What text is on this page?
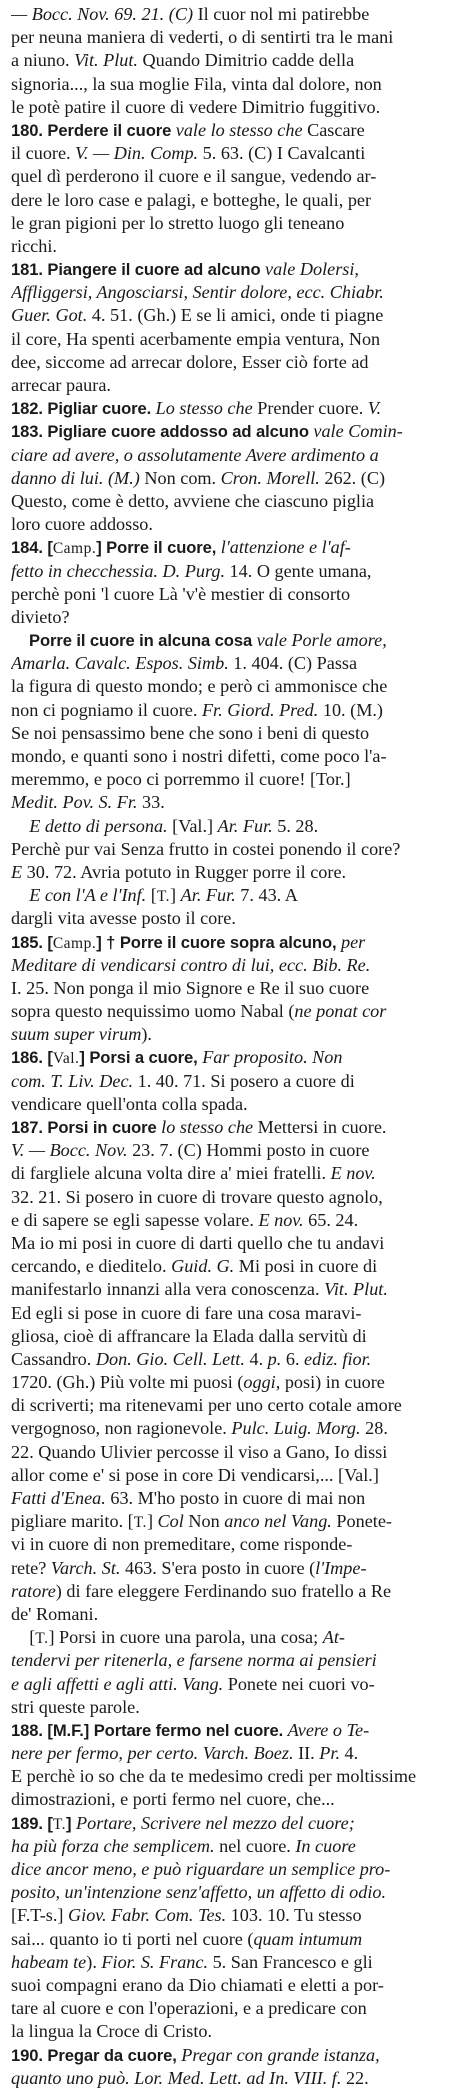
— Bocc. Nov. 69. 21. (C) Il cuor nol mi patirebbe
per neuna maniera di vederti, o di sentirti tra le mani
a niuno. Vit. Plut. Quando Dimitrio cadde della
signoria..., la sua moglie Fila, vinta dal dolore, non
le potè patire il cuore di vedere Dimitrio fuggitivo.
180. Perdere il cuore vale lo stesso che Cascare
il cuore. V. — Din. Comp. 5. 63. (C) I Cavalcanti
quel dì perderono il cuore e il sangue, vedendo ar-
dere le loro case e palagi, e botteghe, le quali, per
le gran pigioni per lo stretto luogo gli teneano
ricchi.
181. Piangere il cuore ad alcuno vale Dolersi,
Affliggersi, Angosciarsi, Sentir dolore, ecc. Chiabr.
Guer. Got. 4. 51. (Gh.) E se li amici, onde ti piagne
il core, Ha spenti acerbamente empia ventura, Non
dee, siccome ad arrecar dolore, Esser ciò forte ad
arrecar paura.
182. Pigliar cuore. Lo stesso che Prender cuore. V.
183. Pigliare cuore addosso ad alcuno vale Comin-
ciare ad avere, o assolutamente Avere ardimento a
danno di lui. (M.) Non com. Cron. Morell. 262. (C)
Questo, come è detto, avviene che ciascuno piglia
loro cuore addosso.
184. [Camp.] Porre il cuore, l'attenzione e l'af-
fetto in checchessia. D. Purg. 14. O gente umana,
perchè poni 'l cuore Là 'v'è mestier di consorto
divieto?
Porre il cuore in alcuna cosa vale Porle amore,
Amarla. Cavalc. Espos. Simb. 1. 404. (C) Passa
la figura di questo mondo; e però ci ammonisce che
non ci pogniamo il cuore. Fr. Giord. Pred. 10. (M.)
Se noi pensassimo bene che sono i beni di questo
mondo, e quanti sono i nostri difetti, come poco l'a-
meremmo, e poco ci porremmo il cuore! [Tor.]
Medit. Pov. S. Fr. 33.
E detto di persona. [Val.] Ar. Fur. 5. 28.
Perchè pur vai Senza frutto in costei ponendo il core?
E 30. 72. Avria potuto in Rugger porre il core.
E con l'A e l'Inf. [T.] Ar. Fur. 7. 43. A
dargli vita avesse posto il core.
185. [Camp.] † Porre il cuore sopra alcuno, per
Meditare di vendicarsi contro di lui, ecc. Bib. Re.
I. 25. Non ponga il mio Signore e Re il suo cuore
sopra questo nequissimo uomo Nabal (ne ponat cor
suum super virum).
186. [Val.] Porsi a cuore, Far proposito. Non
com. T. Liv. Dec. 1. 40. 71. Si posero a cuore di
vendicare quell'onta colla spada.
187. Porsi in cuore lo stesso che Mettersi in cuore.
V. — Bocc. Nov. 23. 7. (C) Hommi posto in cuore
di fargliele alcuna volta dire a' miei fratelli. E nov.
32. 21. Si posero in cuore di trovare questo agnolo,
e di sapere se egli sapesse volare. E nov. 65. 24.
Ma io mi posi in cuore di darti quello che tu andavi
cercando, e dieditelo. Guid. G. Mi posi in cuore di
manifestarlo innanzi alla vera conoscenza. Vit. Plut.
Ed egli si pose in cuore di fare una cosa maravi-
gliosa, cioè di affrancare la Elada dalla servitù di
Cassandro. Don. Gio. Cell. Lett. 4. p. 6. ediz. fior.
1720. (Gh.) Più volte mi puosi (oggi, posi) in cuore
di scriverti; ma ritenevami per uno certo cotale amore
vergognoso, non ragionevole. Pulc. Luig. Morg. 28.
22. Quando Ulivier percosse il viso a Gano, Io dissi
allor come e' si pose in core Di vendicarsi,... [Val.]
Fatti d'Enea. 63. M'ho posto in cuore di mai non
pigliare marito. [T.] Col Non anco nel Vang. Ponete-
vi in cuore di non premeditare, come risponde-
rete? Varch. St. 463. S'era posto in cuore (l'Impe-
ratore) di fare eleggere Ferdinando suo fratello a Re
de' Romani.
[T.] Porsi in cuore una parola, una cosa; At-
tendervi per ritenerla, e farsene norma ai pensieri
e agli affetti e agli atti. Vang. Ponete nei cuori vo-
stri queste parole.
188. [M.F.] Portare fermo nel cuore. Avere o Te-
nere per fermo, per certo. Varch. Boez. II. Pr. 4.
E perchè io so che da te medesimo credi per moltissime
dimostrazioni, e porti fermo nel cuore, che...
189. [T.] Portare, Scrivere nel mezzo del cuore;
ha più forza che semplicem. nel cuore. In cuore
dice ancor meno, e può riguardare un semplice pro-
posito, un'intenzione senz'affetto, un affetto di odio.
[F.T-s.] Giov. Fabr. Com. Tes. 103. 10. Tu stesso
sai... quanto io ti porti nel cuore (quam intumum
habeam te). Fior. S. Franc. 5. San Francesco e gli
suoi compagni erano da Dio chiamati e eletti a por-
tare al cuore e con l'operazioni, e a predicare con
la lingua la Croce di Cristo.
190. Pregar da cuore, Pregar con grande istanza,
quanto uno può. Lor. Med. Lett. ad In. VIII. f. 22.
